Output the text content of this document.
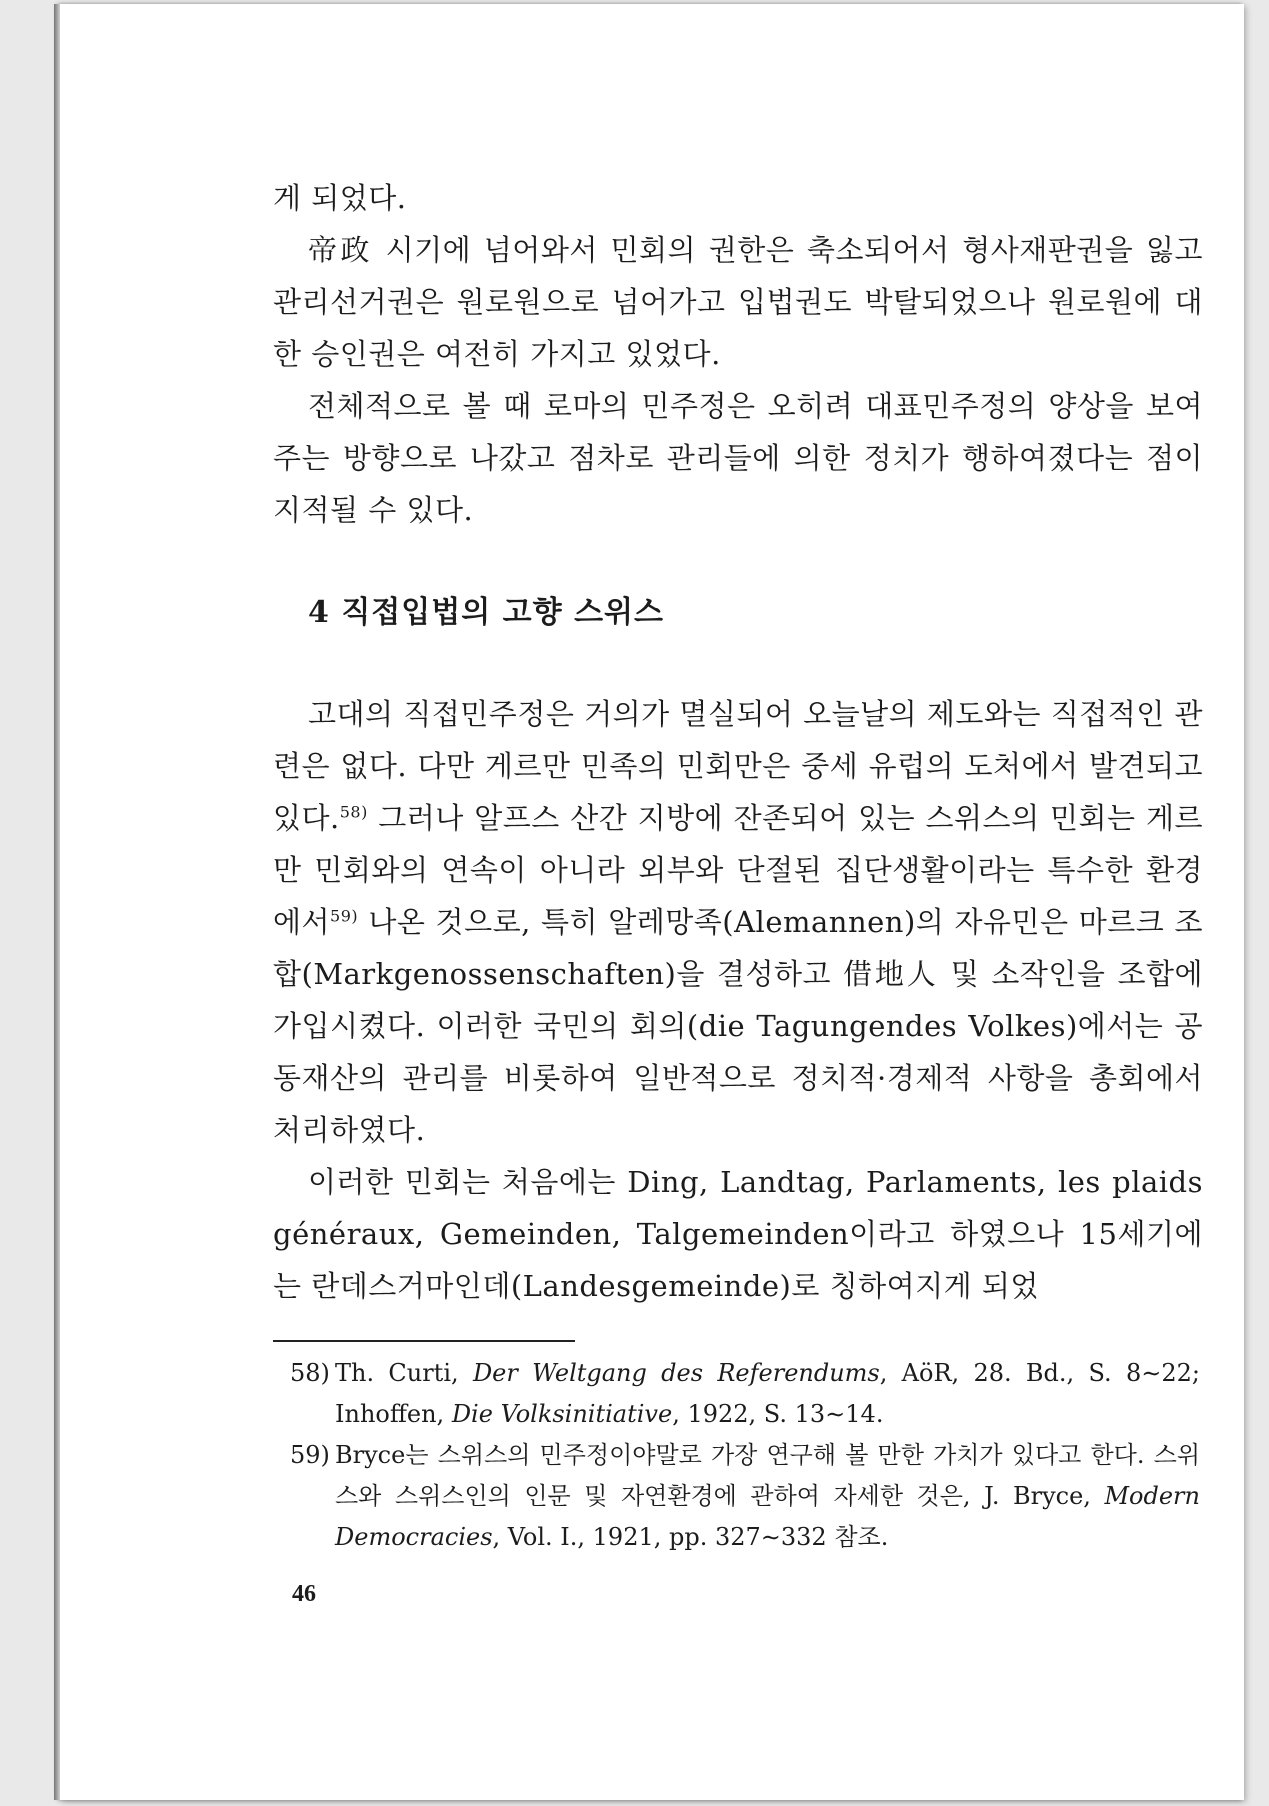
게 되었다.

帝政 시기에 넘어와서 민회의 권한은 축소되어서 형사재판권을 잃고 관리선거권은 원로원으로 넘어가고 입법권도 박탈되었으나 원로원에 대한 승인권은 여전히 가지고 있었다.

전체적으로 볼 때 로마의 민주정은 오히려 대표민주정의 양상을 보여주는 방향으로 나갔고 점차로 관리들에 의한 정치가 행하여졌다는 점이 지적될 수 있다.

4 직접입법의 고향 스위스

고대의 직접민주정은 거의가 멸실되어 오늘날의 제도와는 직접적인 관련은 없다. 다만 게르만 민족의 민회만은 중세 유럽의 도처에서 발견되고 있다.$^{58)}$ 그러나 알프스 산간 지방에 잔존되어 있는 스위스의 민회는 게르만 민회와의 연속이 아니라 외부와 단절된 집단생활이라는 특수한 환경에서$^{59)}$ 나온 것으로, 특히 알레망족(Alemannen)의 자유민은 마르크 조합(Markgenossenschaften)을 결성하고 借地人 및 소작인을 조합에 가입시켰다. 이러한 국민의 회의(die Tagungendes Volkes)에서는 공동재산의 관리를 비롯하여 일반적으로 정치적·경제적 사항을 총회에서 처리하였다.

이러한 민회는 처음에는 Ding, Landtag, Parlaments, les plaids généraux, Gemeinden, Talgemeinden이라고 하였으나 15세기에는 란데스거마인데(Landesgemeinde)로 칭하여지게 되었

58) Th. Curti, Der Weltgang des Referendums, AöR, 28. Bd., S. 8∼22; Inhoffen, Die Volksinitiative, 1922, S. 13∼14.
59) Bryce는 스위스의 민주정이야말로 가장 연구해 볼 만한 가치가 있다고 한다. 스위스와 스위스인의 인문 및 자연환경에 관하여 자세한 것은, J. Bryce, Modern Democracies, Vol. I., 1921, pp. 327∼332 참조.
46
